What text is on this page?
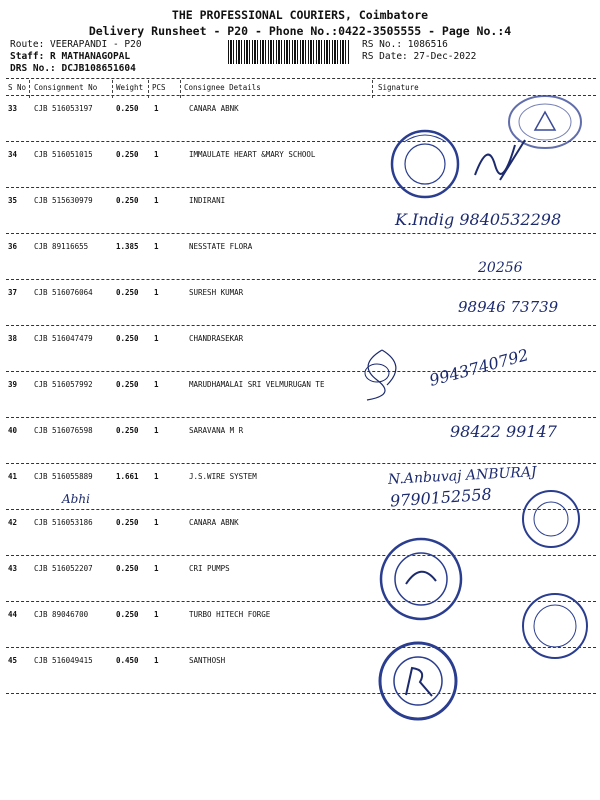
THE PROFESSIONAL COURIERS, Coimbatore
Delivery Runsheet - P20 - Phone No.:0422-3505555 - Page No.:4
Route: VEERAPANDI - P20
Staff: R MATHANAGOPAL
DRS No.: DCJB108651604
RS No.: 1086516
RS Date: 27-Dec-2022
S No Consignment No	Weight PCS Consignee Details	Signature
33 CJB 516053197	0.250 1	CANARA ABNK
34 CJB 516051015	0.250 1	IMMAULATE HEART &MARY SCHOOL
35 CJB 515630979	0.250 1	INDIRANI
36 CJB 89116655	1.385 1	NESSTATE FLORA
37 CJB 516076064	0.250 1	SURESH KUMAR
38 CJB 516047479	0.250 1	CHANDRASEKAR
39 CJB 516057992	0.250 1	MARUDHAMALAI SRI VELMURUGAN TE
40 CJB 516076598	0.250 1	SARAVANA M R
41 CJB 516055889	1.661 1	J.S.WIRE SYSTEM
42 CJB 516053186	0.250 1	CANARA ABNK
43 CJB 516052207	0.250 1	CRI PUMPS
44 CJB 89046700	0.250 1	TURBO HITECH FORGE
45 CJB 516049415	0.450 1	SANTHOSH
K.Indig 9840532298
20256
98946 73739
9943740792
98422 99147
N.Anbuvaj ANBURAJ
9790152558
Abhi
